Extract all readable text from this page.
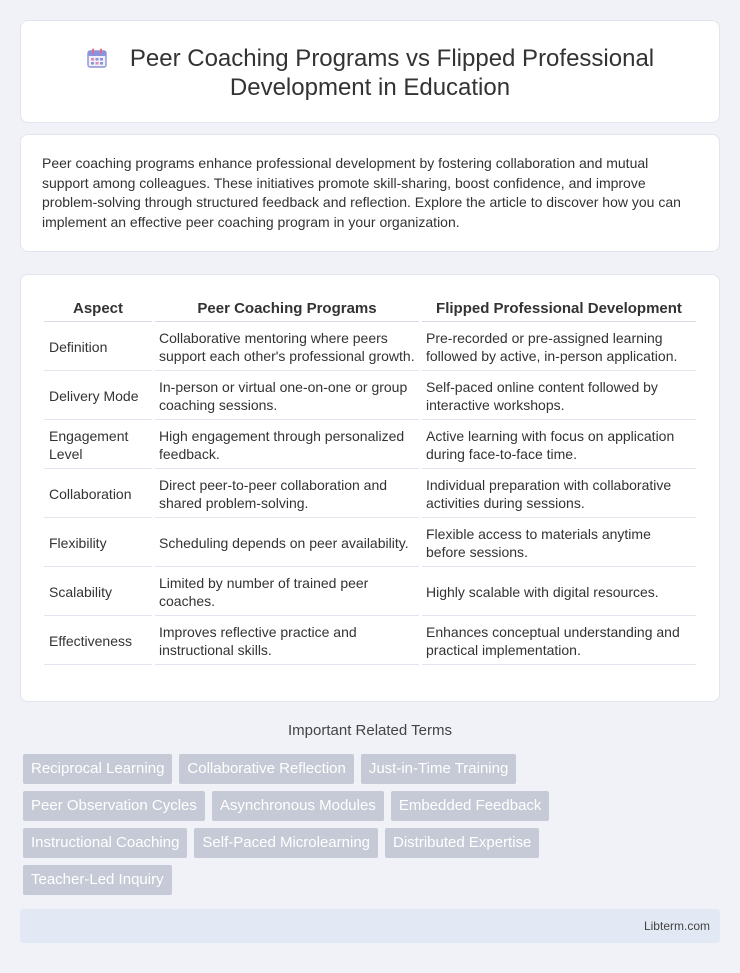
Peer Coaching Programs vs Flipped Professional Development in Education

Peer coaching programs enhance professional development by fostering collaboration and mutual support among colleagues. These initiatives promote skill-sharing, boost confidence, and improve problem-solving through structured feedback and reflection. Explore the article to discover how you can implement an effective peer coaching program in your organization.

Aspect	Peer Coaching Programs	Flipped Professional Development
Definition	Collaborative mentoring where peers support each other's professional growth.	Pre-recorded or pre-assigned learning followed by active, in-person application.
Delivery Mode	In-person or virtual one-on-one or group coaching sessions.	Self-paced online content followed by interactive workshops.
Engagement Level	High engagement through personalized feedback.	Active learning with focus on application during face-to-face time.
Collaboration	Direct peer-to-peer collaboration and shared problem-solving.	Individual preparation with collaborative activities during sessions.
Flexibility	Scheduling depends on peer availability.	Flexible access to materials anytime before sessions.
Scalability	Limited by number of trained peer coaches.	Highly scalable with digital resources.
Effectiveness	Improves reflective practice and instructional skills.	Enhances conceptual understanding and practical implementation.
Important Related Terms
Reciprocal Learning	Collaborative Reflection	Just-in-Time Training
Peer Observation Cycles	Asynchronous Modules	Embedded Feedback
Instructional Coaching	Self-Paced Microlearning	Distributed Expertise
Teacher-Led Inquiry
Libterm.com
